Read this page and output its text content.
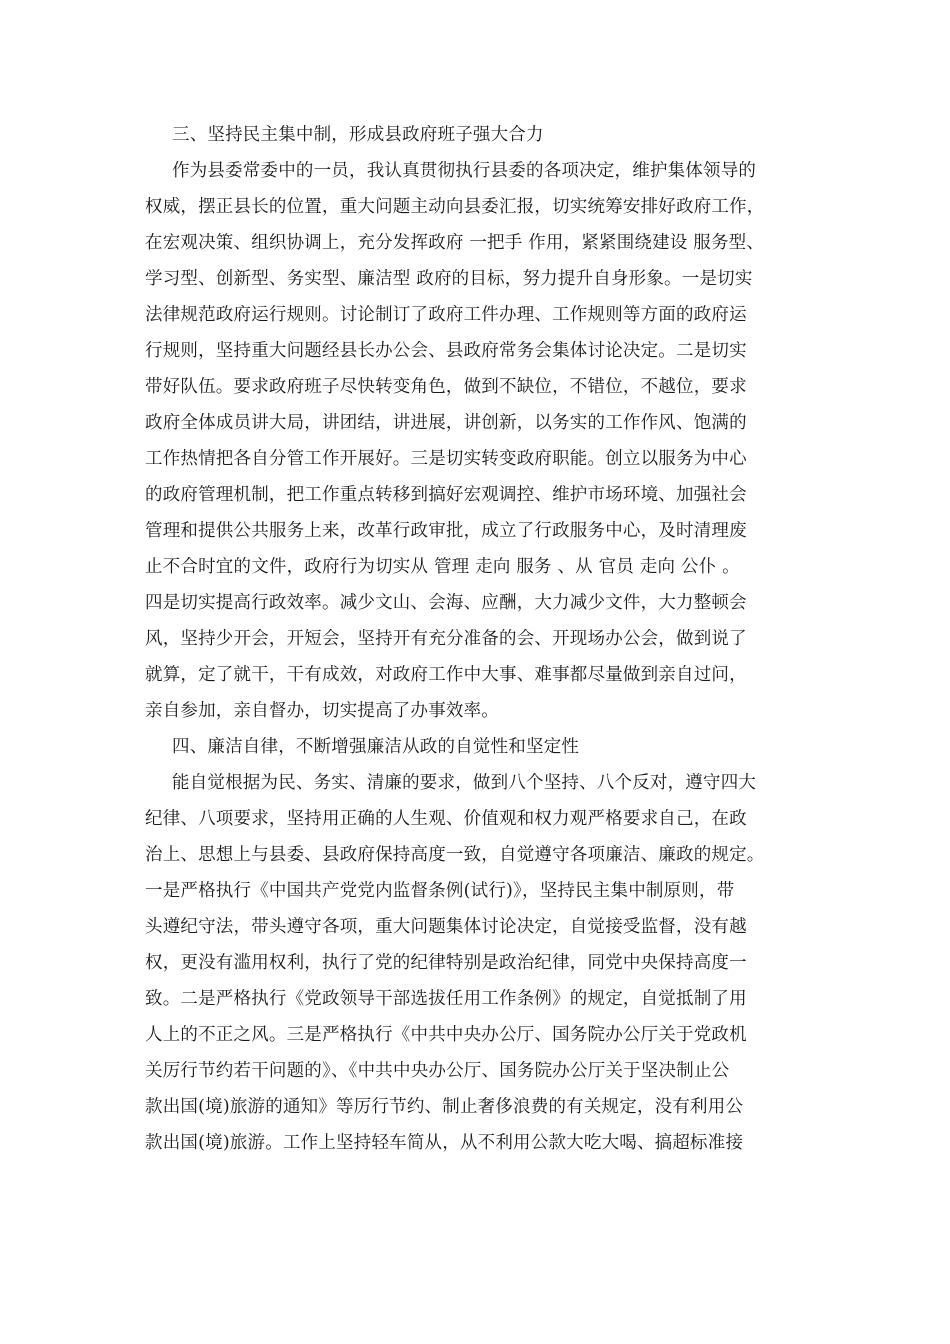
三、坚持民主集中制，形成县政府班子强大合力
作为县委常委中的一员，我认真贯彻执行县委的各项决定，维护集体领导的
权威，摆正县长的位置，重大问题主动向县委汇报，切实统筹安排好政府工作，
在宏观决策、组织协调上，充分发挥政府 一把手 作用，紧紧围绕建设 服务型、
学习型、创新型、务实型、廉洁型 政府的目标，努力提升自身形象。一是切实
法律规范政府运行规则。讨论制订了政府工件办理、工作规则等方面的政府运
行规则，坚持重大问题经县长办公会、县政府常务会集体讨论决定。二是切实
带好队伍。要求政府班子尽快转变角色，做到不缺位，不错位，不越位，要求
政府全体成员讲大局，讲团结，讲进展，讲创新，以务实的工作作风、饱满的
工作热情把各自分管工作开展好。三是切实转变政府职能。创立以服务为中心
的政府管理机制，把工作重点转移到搞好宏观调控、维护市场环境、加强社会
管理和提供公共服务上来，改革行政审批，成立了行政服务中心，及时清理废
止不合时宜的文件，政府行为切实从 管理 走向 服务 、从 官员 走向 公仆 。
四是切实提高行政效率。减少文山、会海、应酬，大力减少文件，大力整顿会
风，坚持少开会，开短会，坚持开有充分准备的会、开现场办公会，做到说了
就算，定了就干，干有成效，对政府工作中大事、难事都尽量做到亲自过问，
亲自参加，亲自督办，切实提高了办事效率。
四、廉洁自律，不断增强廉洁从政的自觉性和坚定性
能自觉根据为民、务实、清廉的要求，做到八个坚持、八个反对，遵守四大
纪律、八项要求，坚持用正确的人生观、价值观和权力观严格要求自己，在政
治上、思想上与县委、县政府保持高度一致，自觉遵守各项廉洁、廉政的规定。
一是严格执行《中国共产党党内监督条例(试行)》，坚持民主集中制原则，带
头遵纪守法，带头遵守各项，重大问题集体讨论决定，自觉接受监督，没有越
权，更没有滥用权利，执行了党的纪律特别是政治纪律，同党中央保持高度一
致。二是严格执行《党政领导干部选拔任用工作条例》的规定，自觉抵制了用
人上的不正之风。三是严格执行《中共中央办公厅、国务院办公厅关于党政机
关厉行节约若干问题的》、《中共中央办公厅、国务院办公厅关于坚决制止公
款出国(境)旅游的通知》等厉行节约、制止奢侈浪费的有关规定，没有利用公
款出国(境)旅游。工作上坚持轻车简从，从不利用公款大吃大喝、搞超标准接
